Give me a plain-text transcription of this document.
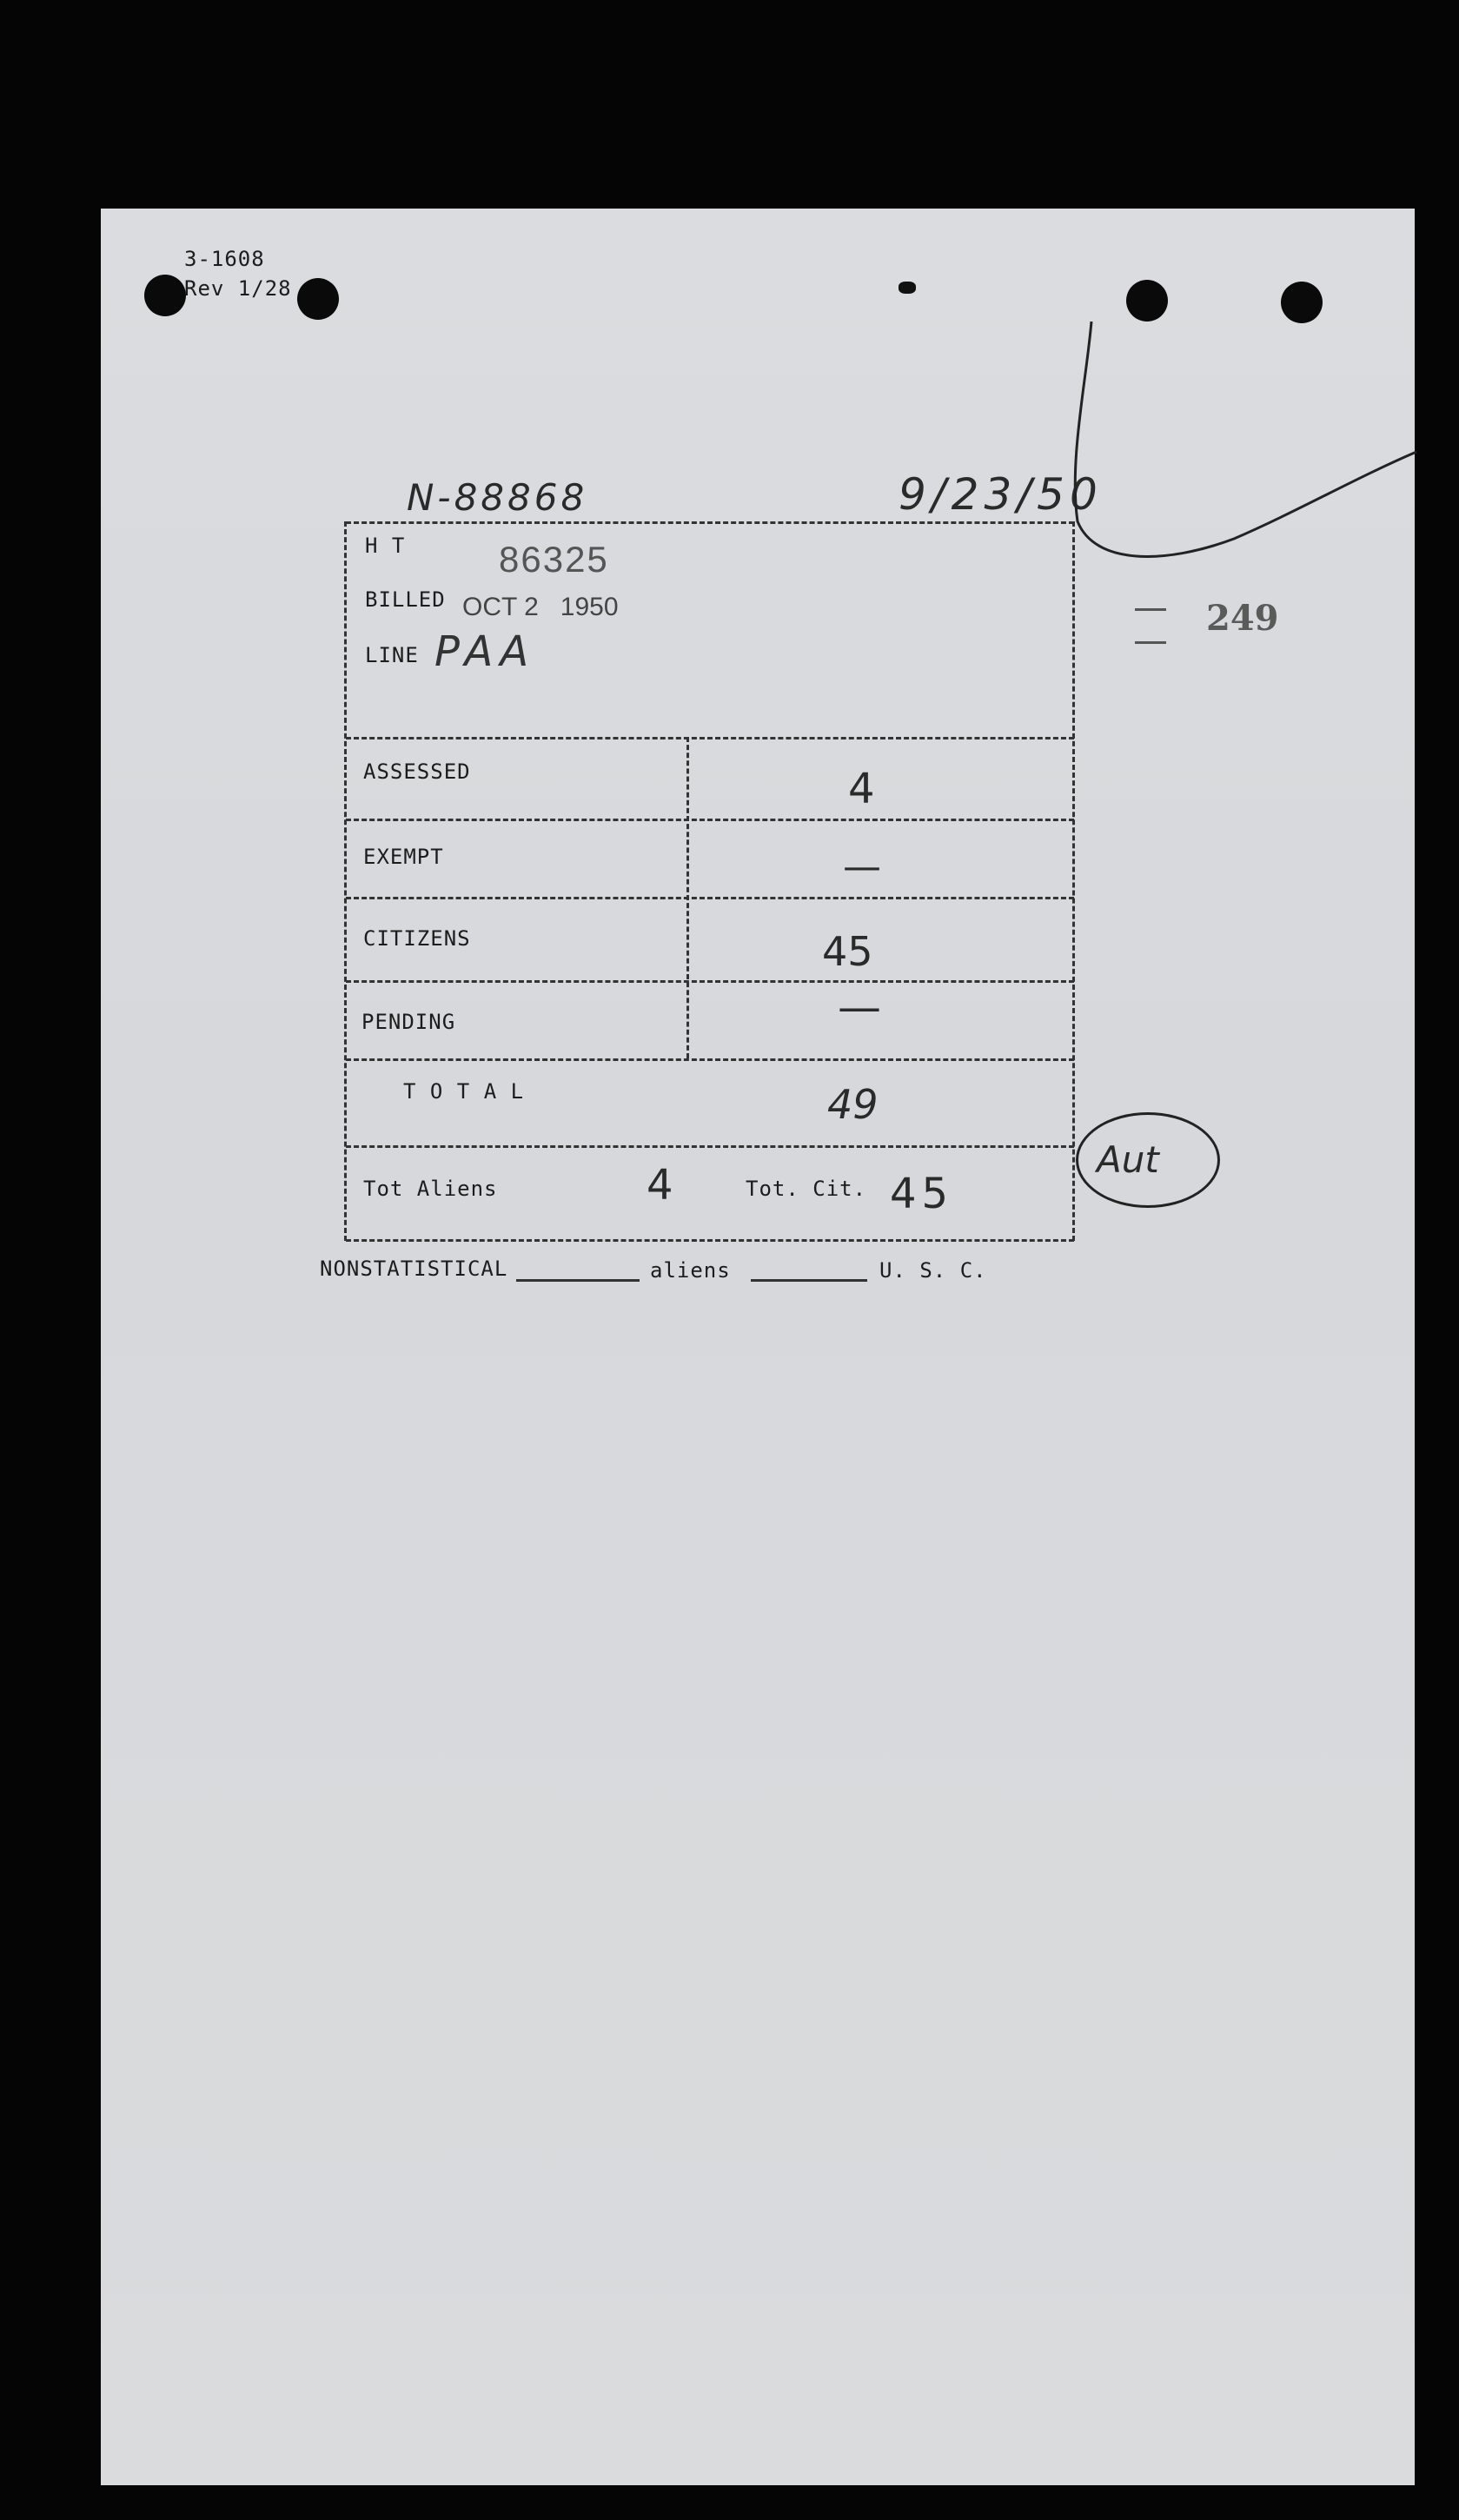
3-1608
Rev 1/28
N-88868	9/23/50
249
H T	86325
BILLED OCT 2   1950
LINE PAA
ASSESSED	4
EXEMPT	—
CITIZENS	45
PENDING	—
T O T A L	49
Tot Aliens	4	Tot. Cit. 45
Aut
NONSTATISTICAL	aliens	U. S. C.
